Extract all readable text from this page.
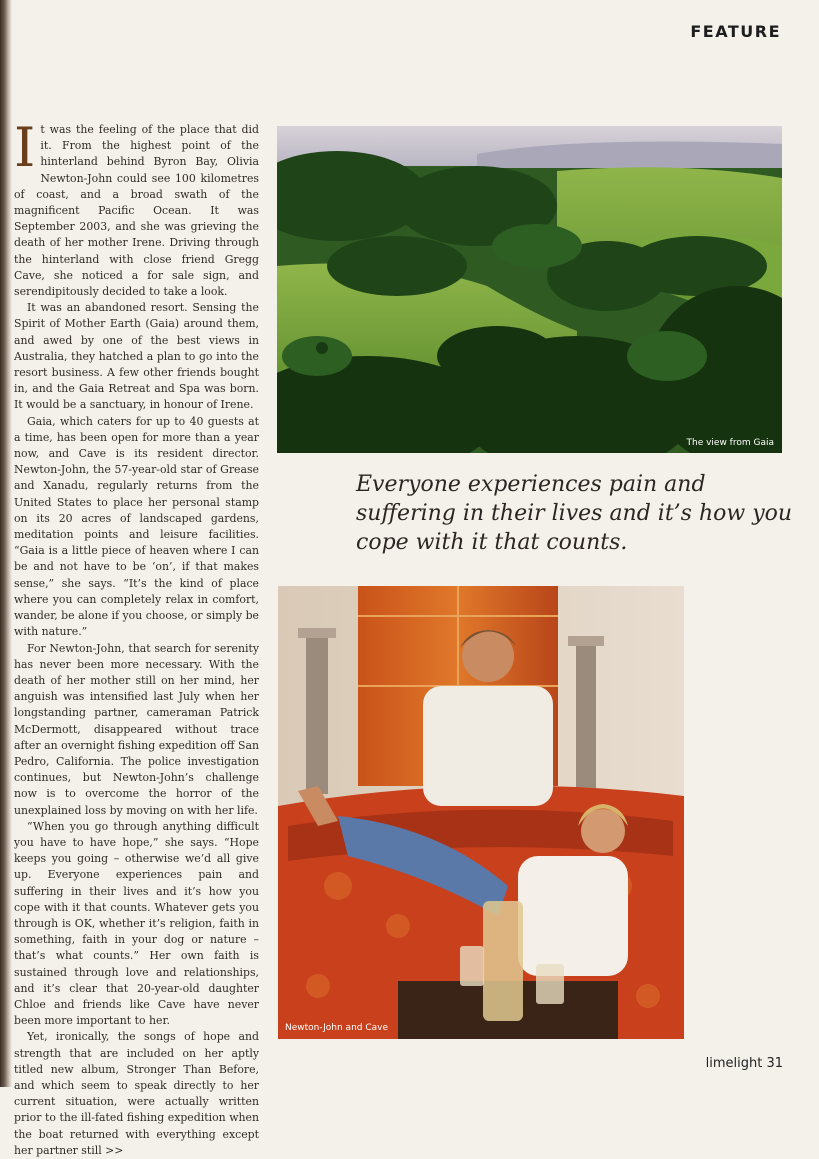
FEATURE
I t was the feeling of the place that did it. From the highest point of the hinterland behind Byron Bay, Olivia Newton-John could see 100 kilometres of coast, and a broad swath of the magnificent Pacific Ocean. It was September 2003, and she was grieving the death of her mother Irene. Driving through the hinterland with close friend Gregg Cave, she noticed a for sale sign, and serendipitously decided to take a look.

It was an abandoned resort. Sensing the Spirit of Mother Earth (Gaia) around them, and awed by one of the best views in Australia, they hatched a plan to go into the resort business. A few other friends bought in, and the Gaia Retreat and Spa was born. It would be a sanctuary, in honour of Irene.

Gaia, which caters for up to 40 guests at a time, has been open for more than a year now, and Cave is its resident director. Newton-John, the 57-year-old star of Grease and Xanadu, regularly returns from the United States to place her personal stamp on its 20 acres of landscaped gardens, meditation points and leisure facilities. “Gaia is a little piece of heaven where I can be and not have to be ‘on’, if that makes sense,” she says. “It’s the kind of place where you can completely relax in comfort, wander, be alone if you choose, or simply be with nature.”

For Newton-John, that search for serenity has never been more necessary. With the death of her mother still on her mind, her anguish was intensified last July when her longstanding partner, cameraman Patrick McDermott, disappeared without trace after an overnight fishing expedition off San Pedro, California. The police investigation continues, but Newton-John’s challenge now is to overcome the horror of the unexplained loss by moving on with her life.

“When you go through anything difficult you have to have hope,” she says. “Hope keeps you going – otherwise we’d all give up. Everyone experiences pain and suffering in their lives and it’s how you cope with it that counts. Whatever gets you through is OK, whether it’s religion, faith in something, faith in your dog or nature – that’s what counts.” Her own faith is sustained through love and relationships, and it’s clear that 20-year-old daughter Chloe and friends like Cave have never been more important to her.

Yet, ironically, the songs of hope and strength that are included on her aptly titled new album, Stronger Than Before, and which seem to speak directly to her current situation, were actually written prior to the ill-fated fishing expedition when the boat returned with everything except her partner still >>

The view from Gaia
Everyone experiences pain and suffering in their lives and it’s how you cope with it that counts.
Newton-John and Cave
limelight 31
